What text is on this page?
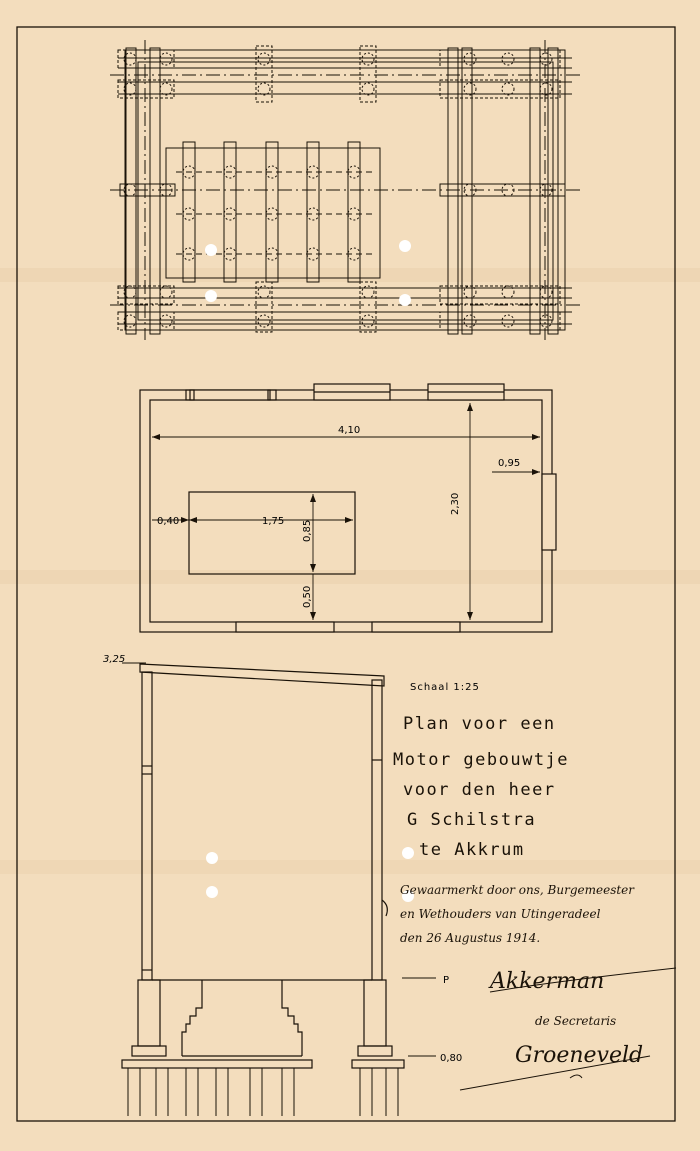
4,10
2,30
0,95
0,40	1,75 0,85
0,50
3,25
P
0,80
Schaal 1:25
Plan voor een
Motor gebouwtje
voor den heer
G Schilstra
te Akkrum
Gewaarmerkt door ons, Burgemeester
en Wethouders van Utingeradeel
den 26 Augustus 1914.
Akkerman
de Secretaris
Groeneveld
